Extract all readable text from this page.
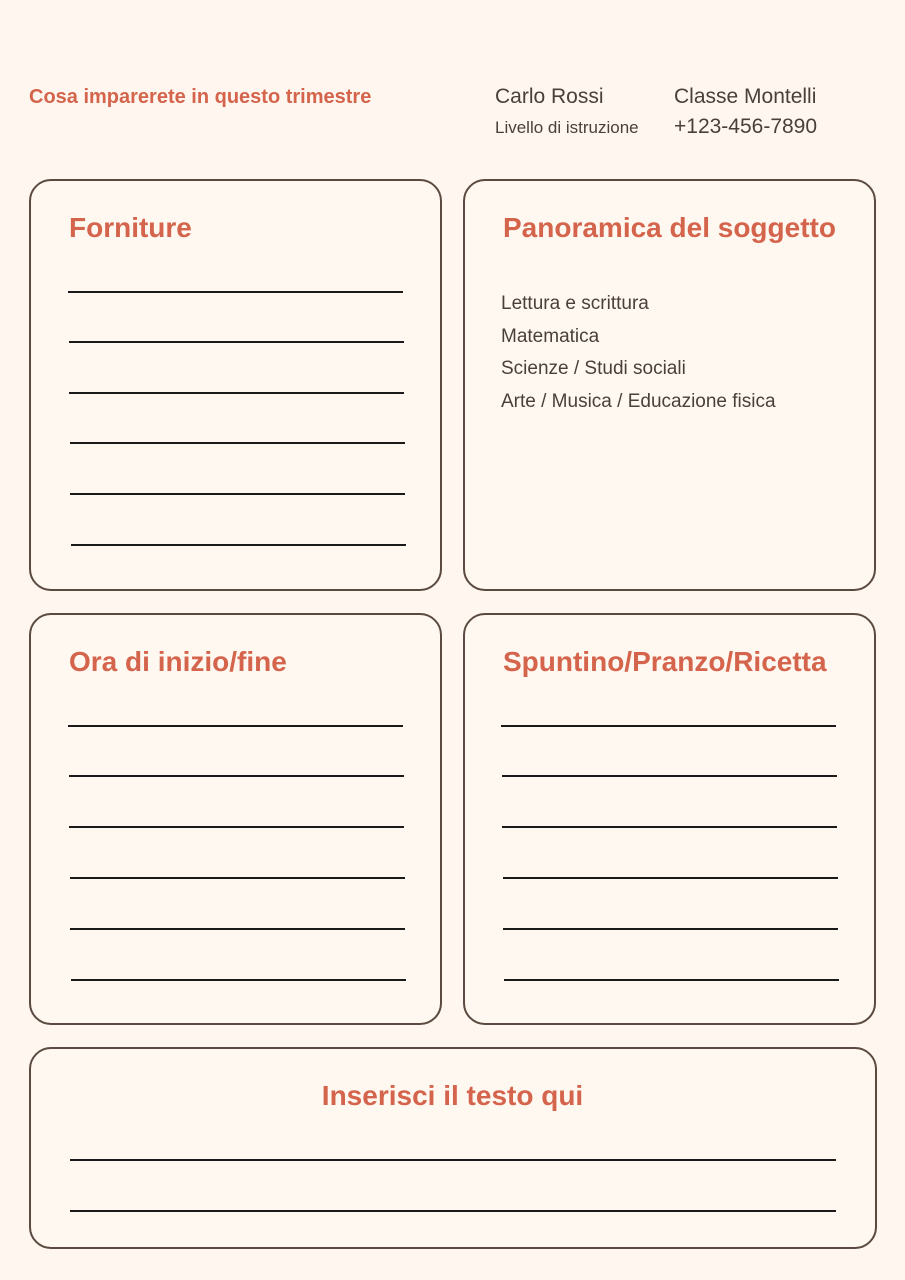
Cosa imparerete in questo trimestre	Carlo Rossi	Classe Montelli
Livello di istruzione +123-456-7890
Forniture	Panoramica del soggetto
Lettura e scrittura
Matematica
Scienze / Studi sociali
Arte / Musica / Educazione fisica
Ora di inizio/fine	Spuntino/Pranzo/Ricetta
Inserisci il testo qui
